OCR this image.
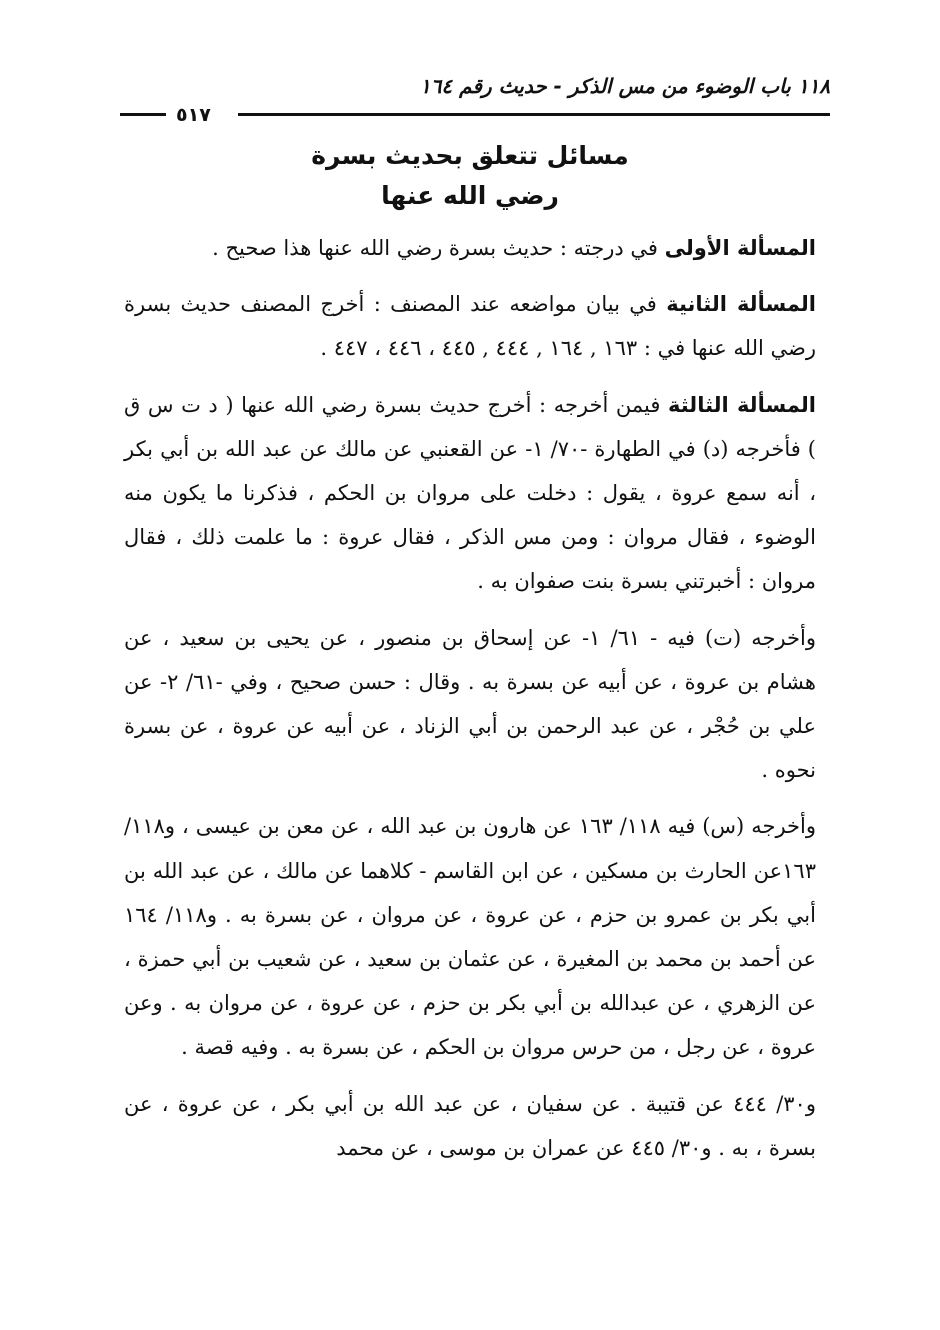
١١٨ باب الوضوء من مس الذكر - حديث رقم ١٦٤
٥١٧
مسائل تتعلق بحديث بسرة
رضي الله عنها

المسألة الأولى في درجته : حديث بسرة رضي الله عنها هذا صحيح .

المسألة الثانية في بيان مواضعه عند المصنف : أخرج المصنف حديث بسرة رضي الله عنها في : ١٦٣ , ١٦٤ , ٤٤٤ , ٤٤٥ ، ٤٤٦ ، ٤٤٧ .

المسألة الثالثة فيمن أخرجه : أخرج حديث بسرة رضي الله عنها ( د ت س ق ) فأخرجه (د) في الطهارة -٧٠/ ١- عن القعنبي عن مالك عن عبد الله بن أبي بكر ، أنه سمع عروة ، يقول : دخلت على مروان بن الحكم ، فذكرنا ما يكون منه الوضوء ، فقال مروان : ومن مس الذكر ، فقال عروة : ما علمت ذلك ، فقال مروان : أخبرتني بسرة بنت صفوان به .

وأخرجه (ت) فيه - ٦١/ ١- عن إسحاق بن منصور ، عن يحيى بن سعيد ، عن هشام بن عروة ، عن أبيه عن بسرة به . وقال : حسن صحيح ، وفي -٦١/ ٢- عن علي بن حُجْر ، عن عبد الرحمن بن أبي الزناد ، عن أبيه عن عروة ، عن بسرة نحوه .

وأخرجه (س) فيه ١١٨/ ١٦٣ عن هارون بن عبد الله ، عن معن بن عيسى ، و١١٨/ ١٦٣عن الحارث بن مسكين ، عن ابن القاسم - كلاهما عن مالك ، عن عبد الله بن أبي بكر بن عمرو بن حزم ، عن عروة ، عن مروان ، عن بسرة به . و١١٨/ ١٦٤ عن أحمد بن محمد بن المغيرة ، عن عثمان بن سعيد ، عن شعيب بن أبي حمزة ، عن الزهري ، عن عبدالله بن أبي بكر بن حزم ، عن عروة ، عن مروان به . وعن عروة ، عن رجل ، من حرس مروان بن الحكم ، عن بسرة به . وفيه قصة .

و٣٠/ ٤٤٤ عن قتيبة . عن سفيان ، عن عبد الله بن أبي بكر ، عن عروة ، عن بسرة ، به . و٣٠/ ٤٤٥ عن عمران بن موسى ، عن محمد
